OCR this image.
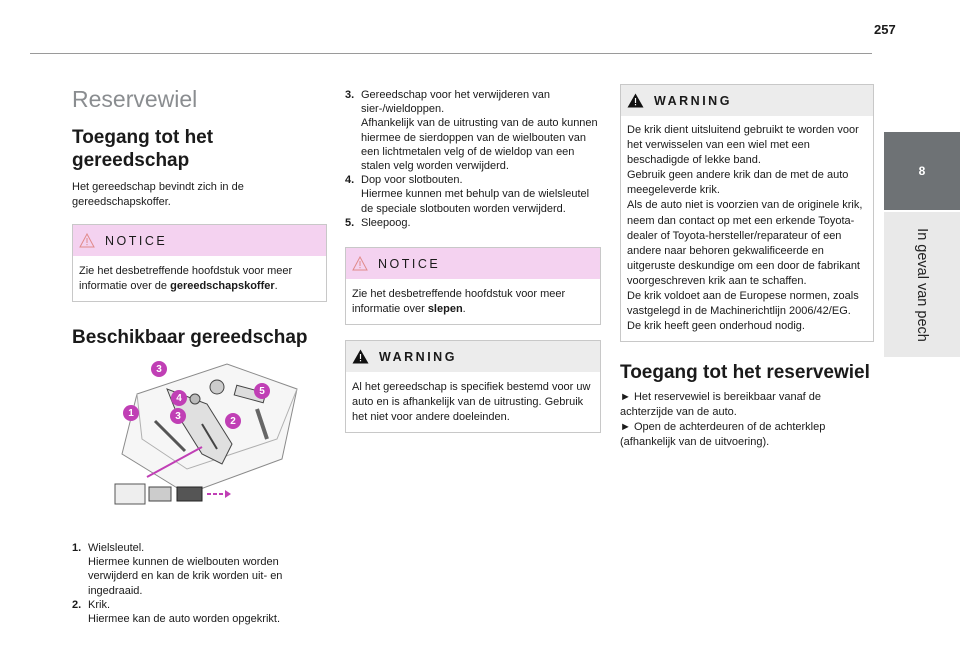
257
8
In geval van pech
Reservewiel
Toegang tot het gereedschap

Het gereedschap bevindt zich in de gereedschapskoffer.

NOTICE
Zie het desbetreffende hoofdstuk voor meer informatie over de gereedschapskoffer.
Beschikbaar gereedschap
1
2
3
3
4
5
1. Wielsleutel.
Hiermee kunnen de wielbouten worden verwijderd en kan de krik worden uit- en ingedraaid.
2. Krik.
Hiermee kan de auto worden opgekrikt.
3. Gereedschap voor het verwijderen van sier-/wieldoppen.
Afhankelijk van de uitrusting van de auto kunnen hiermee de sierdoppen van de wielbouten van een lichtmetalen velg of de wieldop van een stalen velg worden verwijderd.
4. Dop voor slotbouten.
Hiermee kunnen met behulp van de wielsleutel de speciale slotbouten worden verwijderd.
5. Sleepoog.
NOTICE
Zie het desbetreffende hoofdstuk voor meer informatie over slepen.
WARNING
Al het gereedschap is specifiek bestemd voor uw auto en is afhankelijk van de uitrusting. Gebruik het niet voor andere doeleinden.
WARNING
De krik dient uitsluitend gebruikt te worden voor het verwisselen van een wiel met een beschadigde of lekke band.
Gebruik geen andere krik dan de met de auto meegeleverde krik.
Als de auto niet is voorzien van de originele krik, neem dan contact op met een erkende Toyota-dealer of Toyota-hersteller/reparateur of een andere naar behoren gekwalificeerde en uitgeruste deskundige om een door de fabrikant voorgeschreven krik aan te schaffen.
De krik voldoet aan de Europese normen, zoals vastgelegd in de Machinerichtlijn 2006/42/EG.
De krik heeft geen onderhoud nodig.
Toegang tot het reservewiel

► Het reservewiel is bereikbaar vanaf de achterzijde van de auto.

► Open de achterdeuren of de achterklep (afhankelijk van de uitvoering).
